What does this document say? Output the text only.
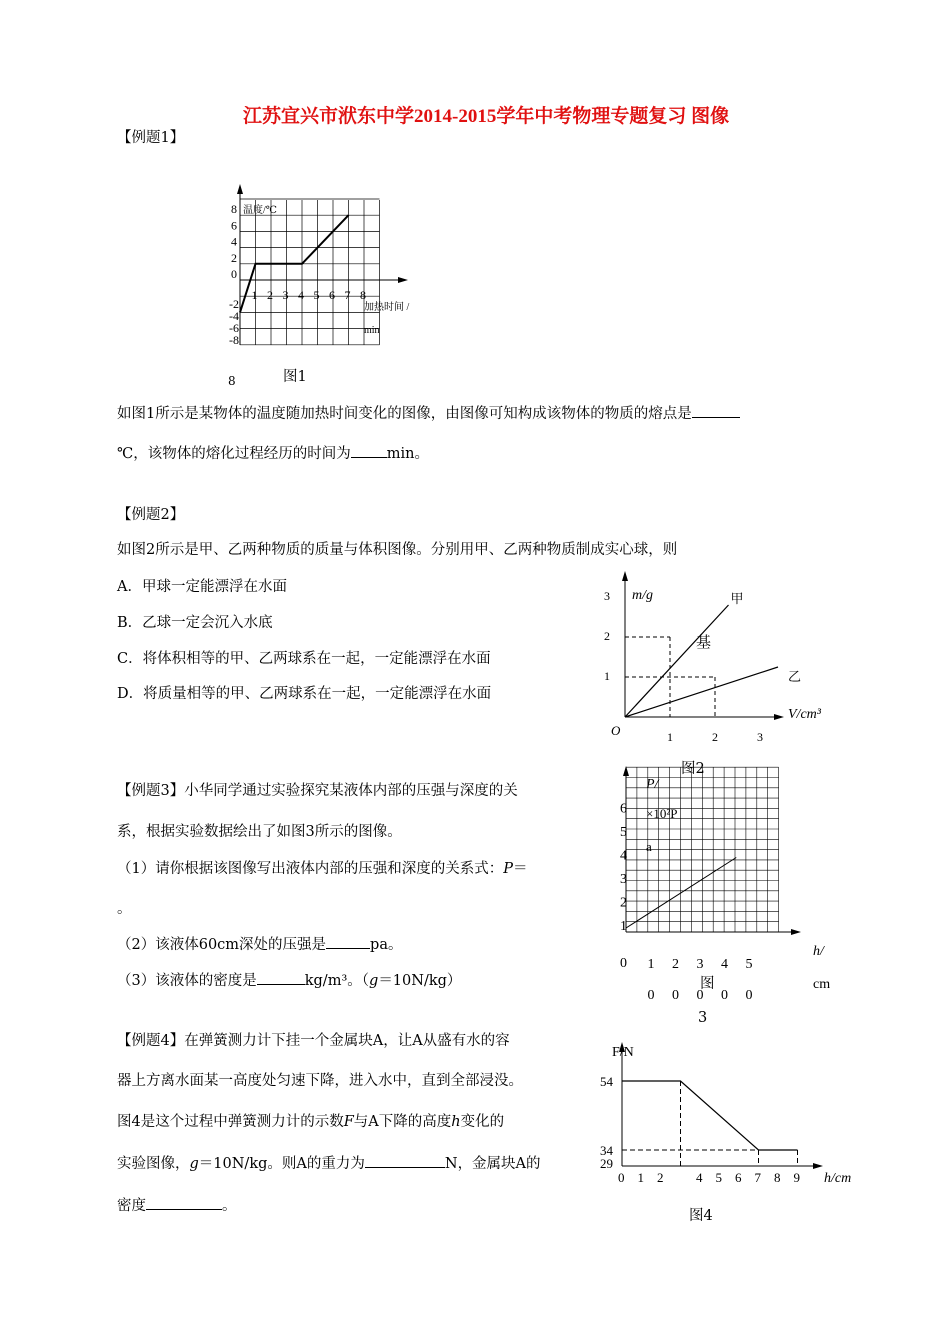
江苏宜兴市洑东中学2014-2015学年中考物理专题复习 图像
【例题1】
温度/℃
加热时间 /
min
1 2 3 4 5 6 7 8
8
6
4
2
0
-2
-4
-6
-8
图1
8
如图1所示是某物体的温度随加热时间变化的图像，由图像可知构成该物体的物质的熔点是
℃，该物体的熔化过程经历的时间为 min。
【例题2】
如图2所示是甲、乙两种物质的质量与体积图像。分别用甲、乙两种物质制成实心球，则
A．甲球一定能漂浮在水面
B．乙球一定会沉入水底
C．将体积相等的甲、乙两球系在一起，一定能漂浮在水面
D．将质量相等的甲、乙两球系在一起，一定能漂浮在水面
m/g
V/cm³
O	1	2	3
1
2
3	甲
乙
基
图2
【例题3】小华同学通过实验探究某液体内部的压强与深度的关
系，根据实验数据绘出了如图3所示的图像。
（1）请你根据该图像写出液体内部的压强和深度的关系式：P＝
。
（2）该液体60cm深处的压强是	pa。
（3）该液体的密度是	kg/m³。（g＝10N/kg）
P/
×10²P
a
h/
cm
0 1 2 3 4 5
0 0 0 0 0
1
2
3
4
5
6
图
3
【例题4】在弹簧测力计下挂一个金属块A，让A从盛有水的容
器上方离水面某一高度处匀速下降，进入水中，直到全部浸没。
图4是这个过程中弹簧测力计的示数F与A下降的高度h变化的
实验图像，g＝10N/kg。则A的重力为	N，金属块A的
密度	。
F/N
h/cm
0 1 2	4 5 6 7 8 9
54
34
29
图4
